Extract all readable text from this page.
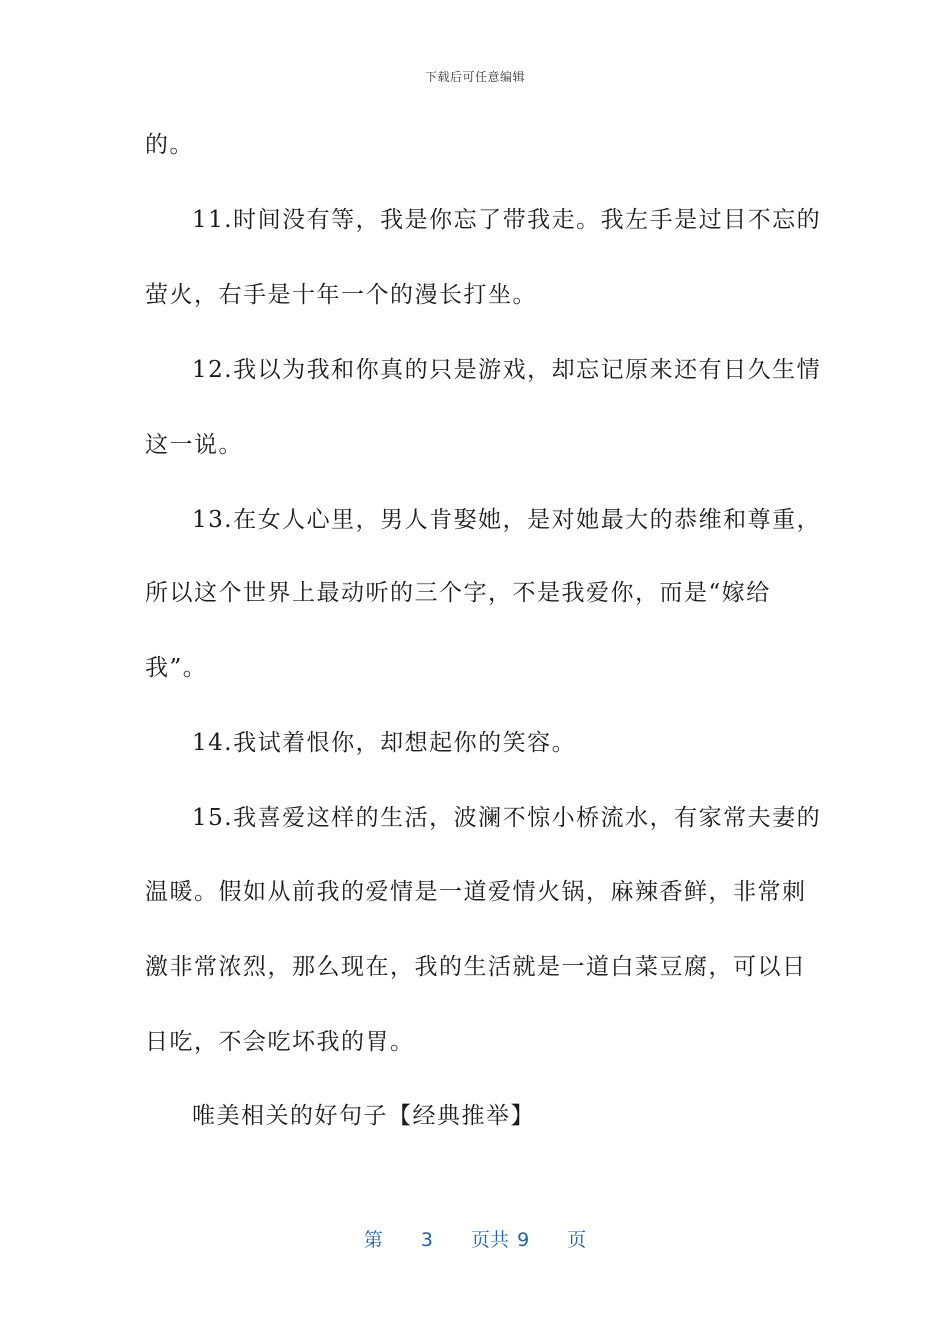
下载后可任意编辑
的。
11.时间没有等，我是你忘了带我走。我左手是过目不忘的
萤火，右手是十年一个的漫长打坐。
12.我以为我和你真的只是游戏，却忘记原来还有日久生情
这一说。
13.在女人心里，男人肯娶她，是对她最大的恭维和尊重，
所以这个世界上最动听的三个字，不是我爱你，而是“嫁给
我”。
14.我试着恨你，却想起你的笑容。
15.我喜爱这样的生活，波澜不惊小桥流水，有家常夫妻的
温暖。假如从前我的爱情是一道爱情火锅，麻辣香鲜，非常刺
激非常浓烈，那么现在，我的生活就是一道白菜豆腐，可以日
日吃，不会吃坏我的胃。
唯美相关的好句子【经典推举】
第 3 页共 9 页
